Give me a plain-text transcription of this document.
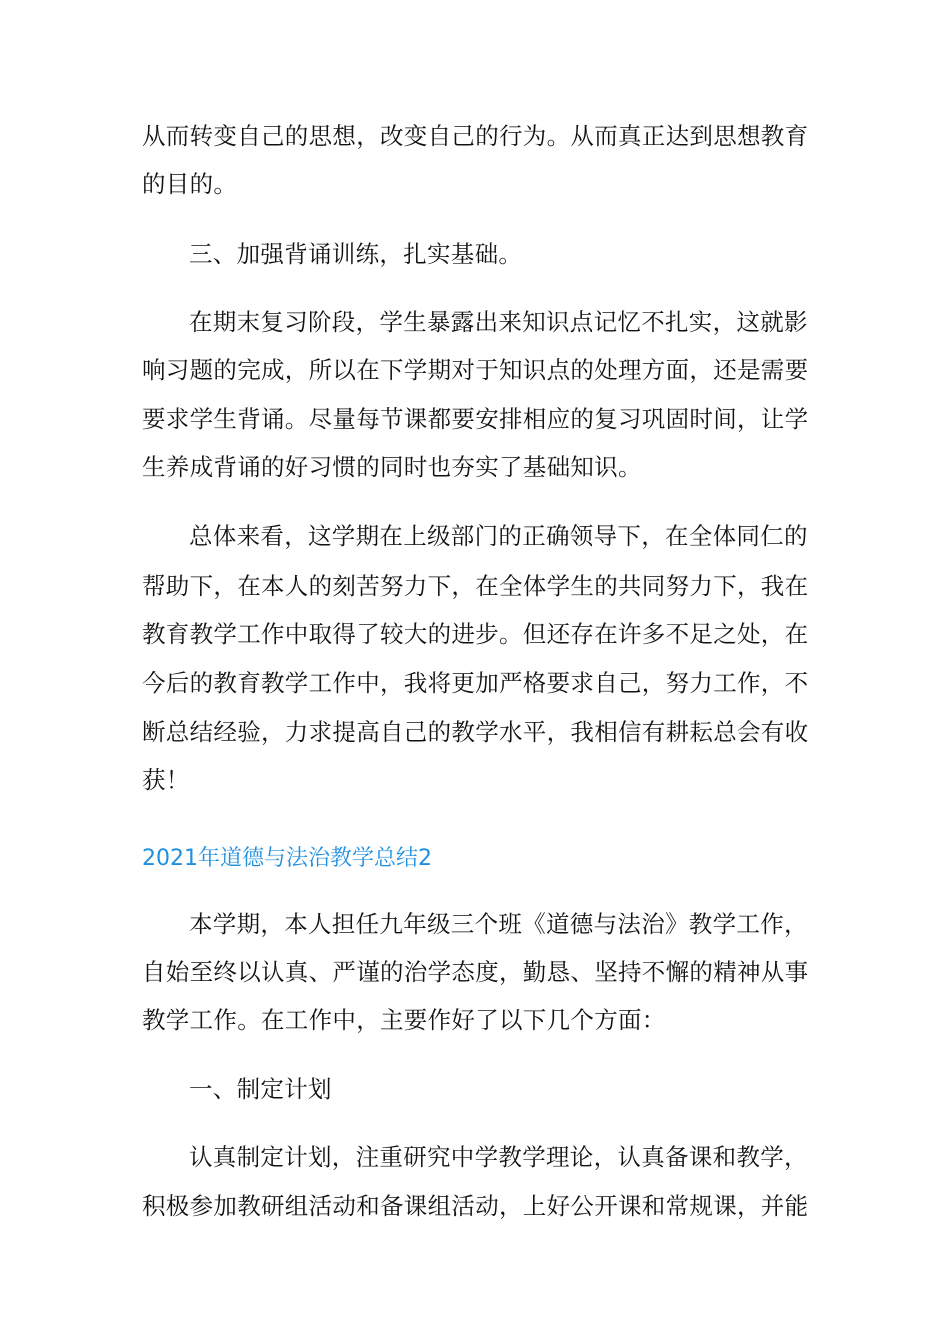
从而转变自己的思想，改变自己的行为。从而真正达到思想教育
的目的。
三、加强背诵训练，扎实基础。
在期末复习阶段，学生暴露出来知识点记忆不扎实，这就影
响习题的完成，所以在下学期对于知识点的处理方面，还是需要
要求学生背诵。尽量每节课都要安排相应的复习巩固时间，让学
生养成背诵的好习惯的同时也夯实了基础知识。
总体来看，这学期在上级部门的正确领导下，在全体同仁的
帮助下，在本人的刻苦努力下，在全体学生的共同努力下，我在
教育教学工作中取得了较大的进步。但还存在许多不足之处，在
今后的教育教学工作中，我将更加严格要求自己，努力工作，不
断总结经验，力求提高自己的教学水平，我相信有耕耘总会有收
获！
2021年道德与法治教学总结2
本学期，本人担任九年级三个班《道德与法治》教学工作，
自始至终以认真、严谨的治学态度，勤恳、坚持不懈的精神从事
教学工作。在工作中，主要作好了以下几个方面：
一、制定计划
认真制定计划，注重研究中学教学理论，认真备课和教学，
积极参加教研组活动和备课组活动，上好公开课和常规课，并能
